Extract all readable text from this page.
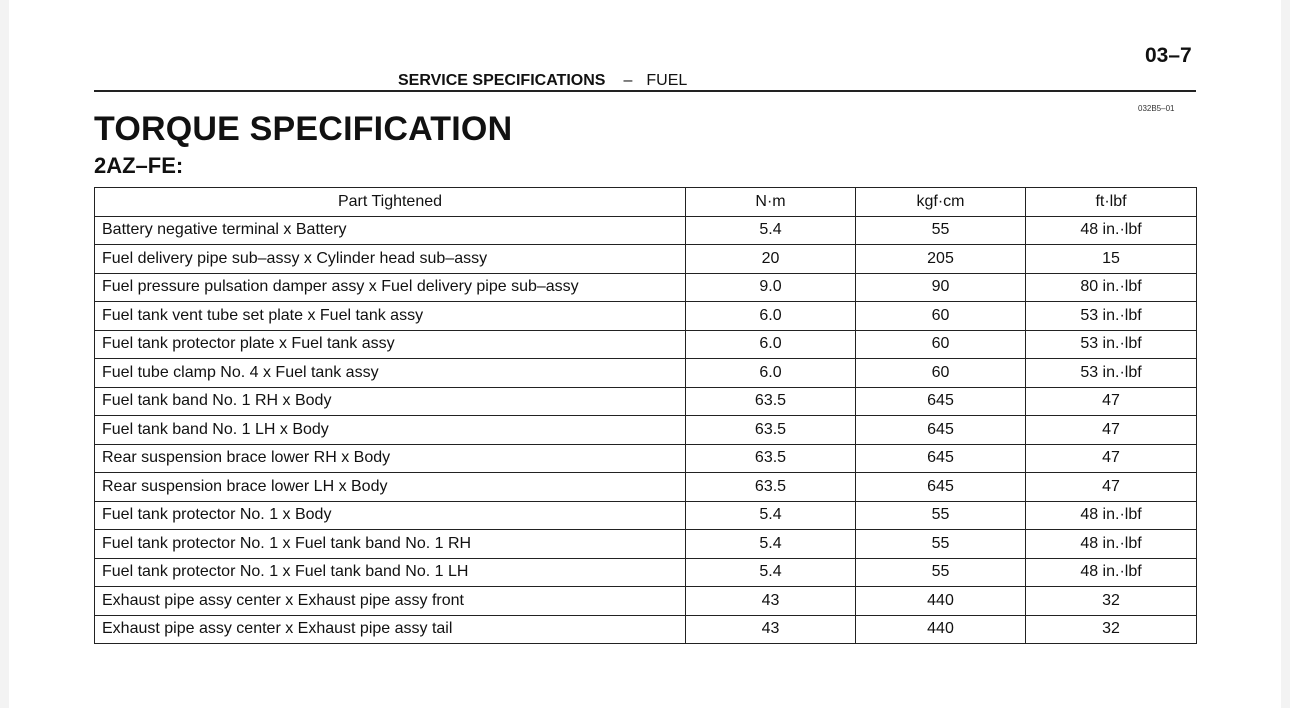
03–7
SERVICE SPECIFICATIONS – FUEL
032B5–01
TORQUE SPECIFICATION
2AZ–FE:
Part Tightened	N·m	kgf·cm	ft·lbf
Battery negative terminal x Battery	5.4	55	48 in.·lbf
Fuel delivery pipe sub–assy x Cylinder head sub–assy	20	205	15
Fuel pressure pulsation damper assy x Fuel delivery pipe sub–assy	9.0	90	80 in.·lbf
Fuel tank vent tube set plate x Fuel tank assy	6.0	60	53 in.·lbf
Fuel tank protector plate x Fuel tank assy	6.0	60	53 in.·lbf
Fuel tube clamp No. 4 x Fuel tank assy	6.0	60	53 in.·lbf
Fuel tank band No. 1 RH x Body	63.5	645	47
Fuel tank band No. 1 LH x Body	63.5	645	47
Rear suspension brace lower RH x Body	63.5	645	47
Rear suspension brace lower LH x Body	63.5	645	47
Fuel tank protector No. 1 x Body	5.4	55	48 in.·lbf
Fuel tank protector No. 1 x Fuel tank band No. 1 RH	5.4	55	48 in.·lbf
Fuel tank protector No. 1 x Fuel tank band No. 1 LH	5.4	55	48 in.·lbf
Exhaust pipe assy center x Exhaust pipe assy front	43	440	32
Exhaust pipe assy center x Exhaust pipe assy tail	43	440	32
